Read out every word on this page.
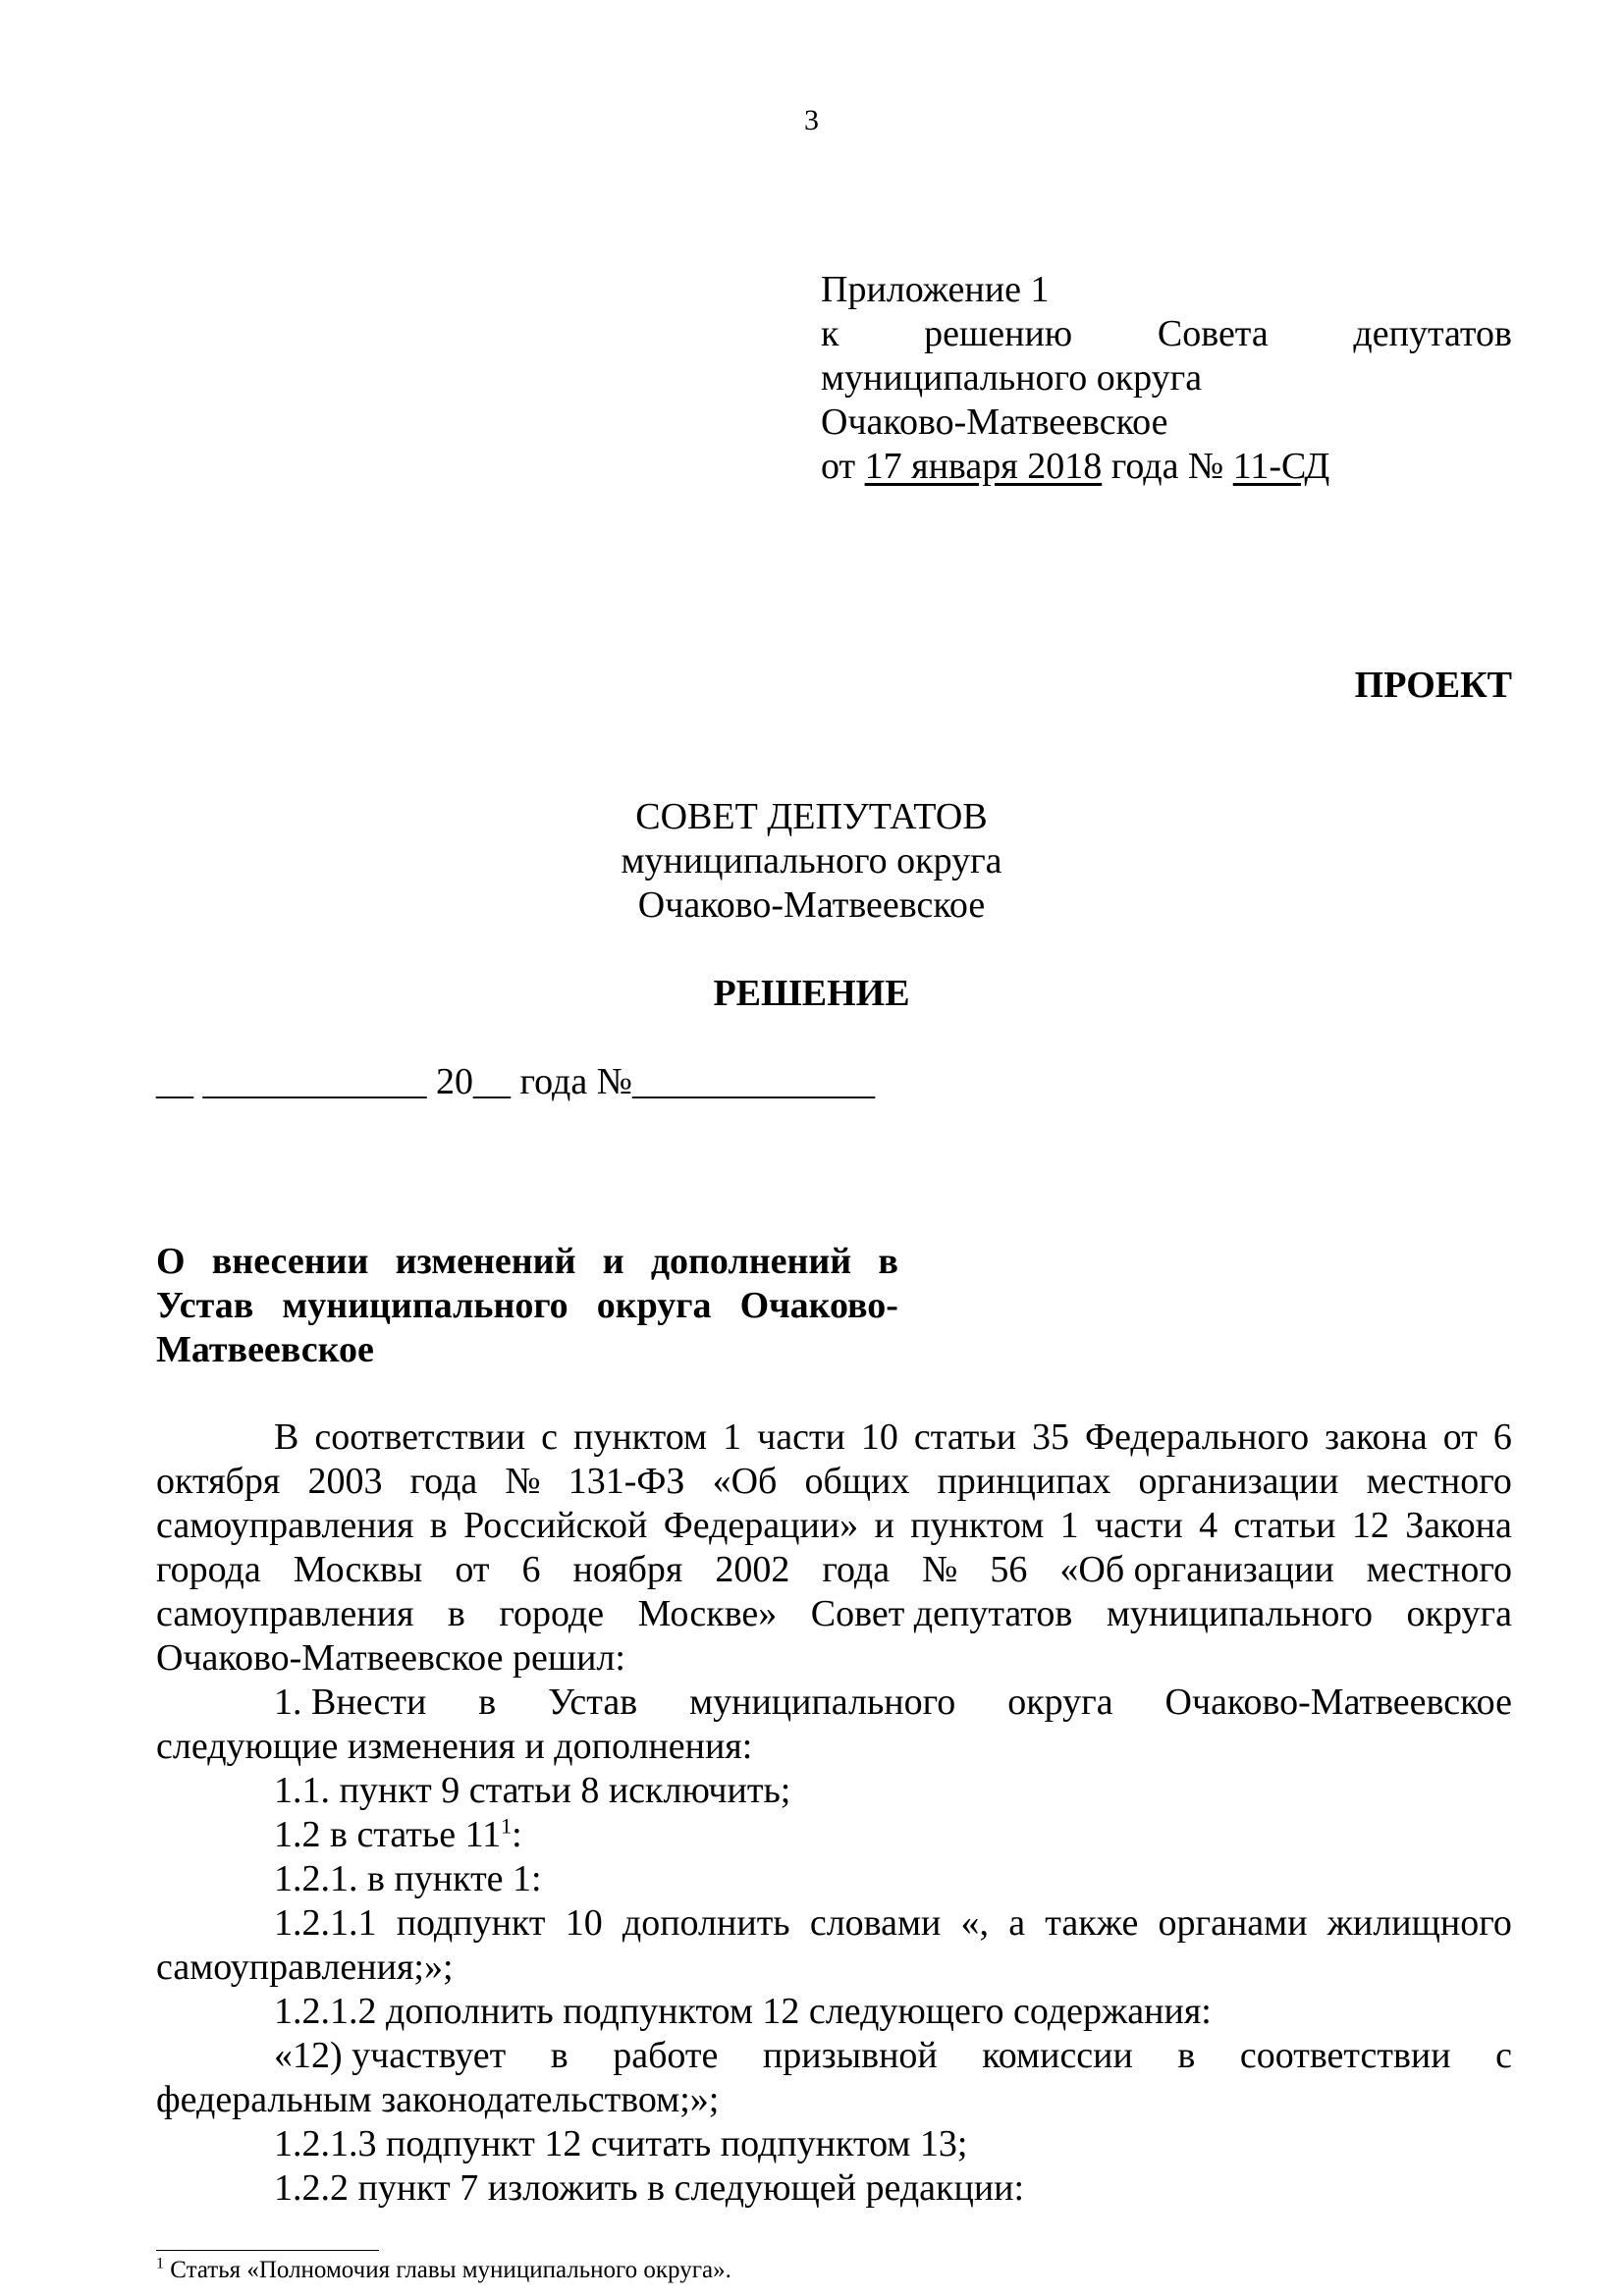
3
Приложение 1
к решению Совета депутатов
муниципального округа
Очаково-Матвеевское
от 17 января 2018 года № 11-СД
ПРОЕКТ
СОВЕТ ДЕПУТАТОВ
муниципального округа
Очаково-Матвеевское
РЕШЕНИЕ
__ ____________ 20__ года №_____________
О внесении изменений и дополнений в
Устав муниципального округа Очаково-
Матвеевское
В соответствии с пунктом 1 части 10 статьи 35 Федерального закона от 6
октября 2003 года № 131-ФЗ «Об общих принципах организации местного
самоуправления в Российской Федерации» и пунктом 1 части 4 статьи 12 Закона
города Москвы от 6 ноября 2002 года № 56 «Об организации местного
самоуправления в городе Москве» Совет депутатов муниципального округа
Очаково-Матвеевское решил:
1. Внести в Устав муниципального округа Очаково-Матвеевское
следующие изменения и дополнения:
1.1. пункт 9 статьи 8 исключить;
1.2 в статье $11^1$:
1.2.1. в пункте 1:
1.2.1.1 подпункт 10 дополнить словами «, а также органами жилищного
самоуправления;»;
1.2.1.2 дополнить подпунктом 12 следующего содержания:
«12) участвует в работе призывной комиссии в соответствии с
федеральным законодательством;»;
1.2.1.3 подпункт 12 считать подпунктом 13;
1.2.2 пункт 7 изложить в следующей редакции:
$^1$ Статья «Полномочия главы муниципального округа».
